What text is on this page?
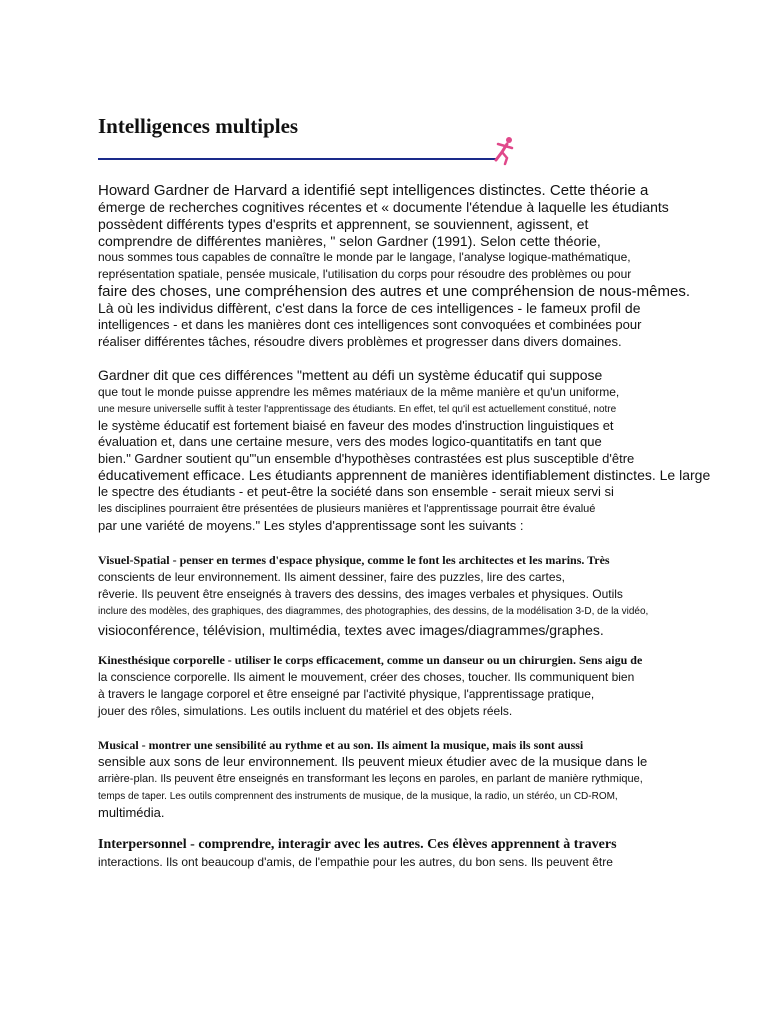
Intelligences multiples
Howard Gardner de Harvard a identifié sept intelligences distinctes. Cette théorie a
émerge de recherches cognitives récentes et « documente l'étendue à laquelle les étudiants
possèdent différents types d'esprits et apprennent, se souviennent, agissent, et
comprendre de différentes manières, " selon Gardner (1991). Selon cette théorie,
nous sommes tous capables de connaître le monde par le langage, l'analyse logique-mathématique,
représentation spatiale, pensée musicale, l'utilisation du corps pour résoudre des problèmes ou pour
faire des choses, une compréhension des autres et une compréhension de nous-mêmes.
Là où les individus diffèrent, c'est dans la force de ces intelligences - le fameux profil de
intelligences - et dans les manières dont ces intelligences sont convoquées et combinées pour
réaliser différentes tâches, résoudre divers problèmes et progresser dans divers domaines.
Gardner dit que ces différences "mettent au défi un système éducatif qui suppose
que tout le monde puisse apprendre les mêmes matériaux de la même manière et qu'un uniforme,
une mesure universelle suffit à tester l'apprentissage des étudiants. En effet, tel qu'il est actuellement constitué, notre
le système éducatif est fortement biaisé en faveur des modes d'instruction linguistiques et
évaluation et, dans une certaine mesure, vers des modes logico-quantitatifs en tant que
bien." Gardner soutient qu'"un ensemble d'hypothèses contrastées est plus susceptible d'être
éducativement efficace. Les étudiants apprennent de manières identifiablement distinctes. Le large
le spectre des étudiants - et peut-être la société dans son ensemble - serait mieux servi si
les disciplines pourraient être présentées de plusieurs manières et l'apprentissage pourrait être évalué
par une variété de moyens." Les styles d'apprentissage sont les suivants :
Visuel-Spatial - penser en termes d'espace physique, comme le font les architectes et les marins. Très
conscients de leur environnement. Ils aiment dessiner, faire des puzzles, lire des cartes,
rêverie. Ils peuvent être enseignés à travers des dessins, des images verbales et physiques. Outils
inclure des modèles, des graphiques, des diagrammes, des photographies, des dessins, de la modélisation 3-D, de la vidéo,
visioconférence, télévision, multimédia, textes avec images/diagrammes/graphes.
Kinesthésique corporelle - utiliser le corps efficacement, comme un danseur ou un chirurgien. Sens aigu de
la conscience corporelle. Ils aiment le mouvement, créer des choses, toucher. Ils communiquent bien
à travers le langage corporel et être enseigné par l'activité physique, l'apprentissage pratique,
jouer des rôles, simulations. Les outils incluent du matériel et des objets réels.
Musical - montrer une sensibilité au rythme et au son. Ils aiment la musique, mais ils sont aussi
sensible aux sons de leur environnement. Ils peuvent mieux étudier avec de la musique dans le
arrière-plan. Ils peuvent être enseignés en transformant les leçons en paroles, en parlant de manière rythmique,
temps de taper. Les outils comprennent des instruments de musique, de la musique, la radio, un stéréo, un CD-ROM,
multimédia.
Interpersonnel - comprendre, interagir avec les autres. Ces élèves apprennent à travers
interactions. Ils ont beaucoup d'amis, de l'empathie pour les autres, du bon sens. Ils peuvent être
